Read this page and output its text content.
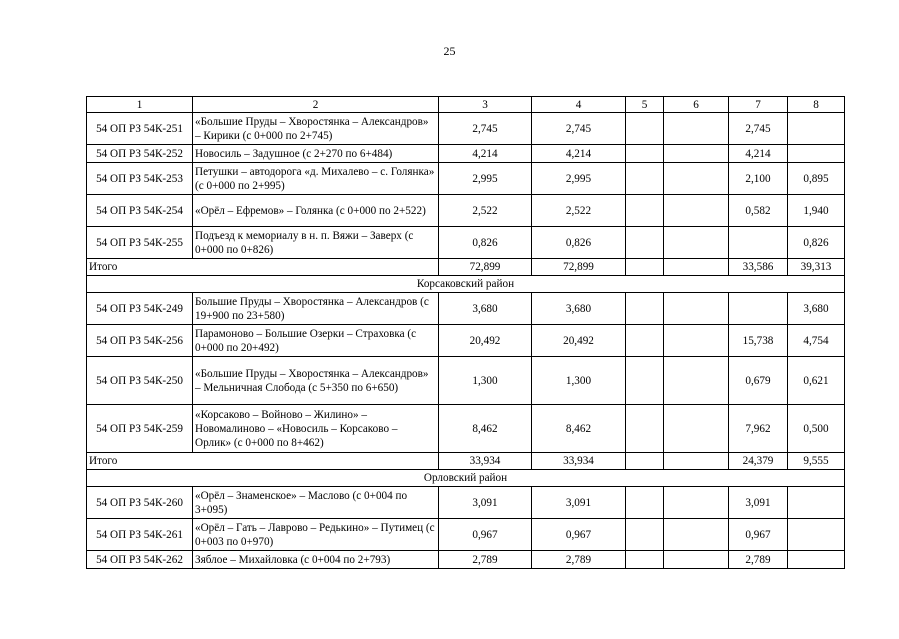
25
1	2	3	4	5	6	7	8
54 ОП РЗ 54К-251	«Большие Пруды – Хворостянка – Александров» – Кирики (с 0+000 по 2+745)	2,745	2,745			2,745	
54 ОП РЗ 54К-252	Новосиль – Задушное (с 2+270 по 6+484)	4,214	4,214			4,214	
54 ОП РЗ 54К-253	Петушки – автодорога «д. Михалево – с. Голянка» (с 0+000 по 2+995)	2,995	2,995			2,100	0,895
54 ОП РЗ 54К-254	«Орёл – Ефремов» – Голянка (с 0+000 по 2+522)	2,522	2,522			0,582	1,940
54 ОП РЗ 54К-255	Подъезд к мемориалу в н. п. Вяжи – Заверх (с 0+000 по 0+826)	0,826	0,826				0,826
Итого		72,899	72,899			33,586	39,313
Корсаковский район							
54 ОП РЗ 54К-249	Большие Пруды – Хворостянка – Александров (с 19+900 по 23+580)	3,680	3,680				3,680
54 ОП РЗ 54К-256	Парамоново – Большие Озерки – Страховка (с 0+000 по 20+492)	20,492	20,492			15,738	4,754
54 ОП РЗ 54К-250	«Большие Пруды – Хворостянка – Александров» – Мельничная Слобода (с 5+350 по 6+650)	1,300	1,300			0,679	0,621
54 ОП РЗ 54К-259	«Корсаково – Войново – Жилино» – Новомалиново – «Новосиль – Корсаково – Орлик» (с 0+000 по 8+462)	8,462	8,462			7,962	0,500
Итого		33,934	33,934			24,379	9,555
Орловский район							
54 ОП РЗ 54К-260	«Орёл – Знаменское» – Маслово (с 0+004 по 3+095)	3,091	3,091			3,091	
54 ОП РЗ 54К-261	«Орёл – Гать – Лаврово – Редькино» – Путимец (с 0+003 по 0+970)	0,967	0,967			0,967	
54 ОП РЗ 54К-262	Зяблое – Михайловка (с 0+004 по 2+793)	2,789	2,789			2,789	
